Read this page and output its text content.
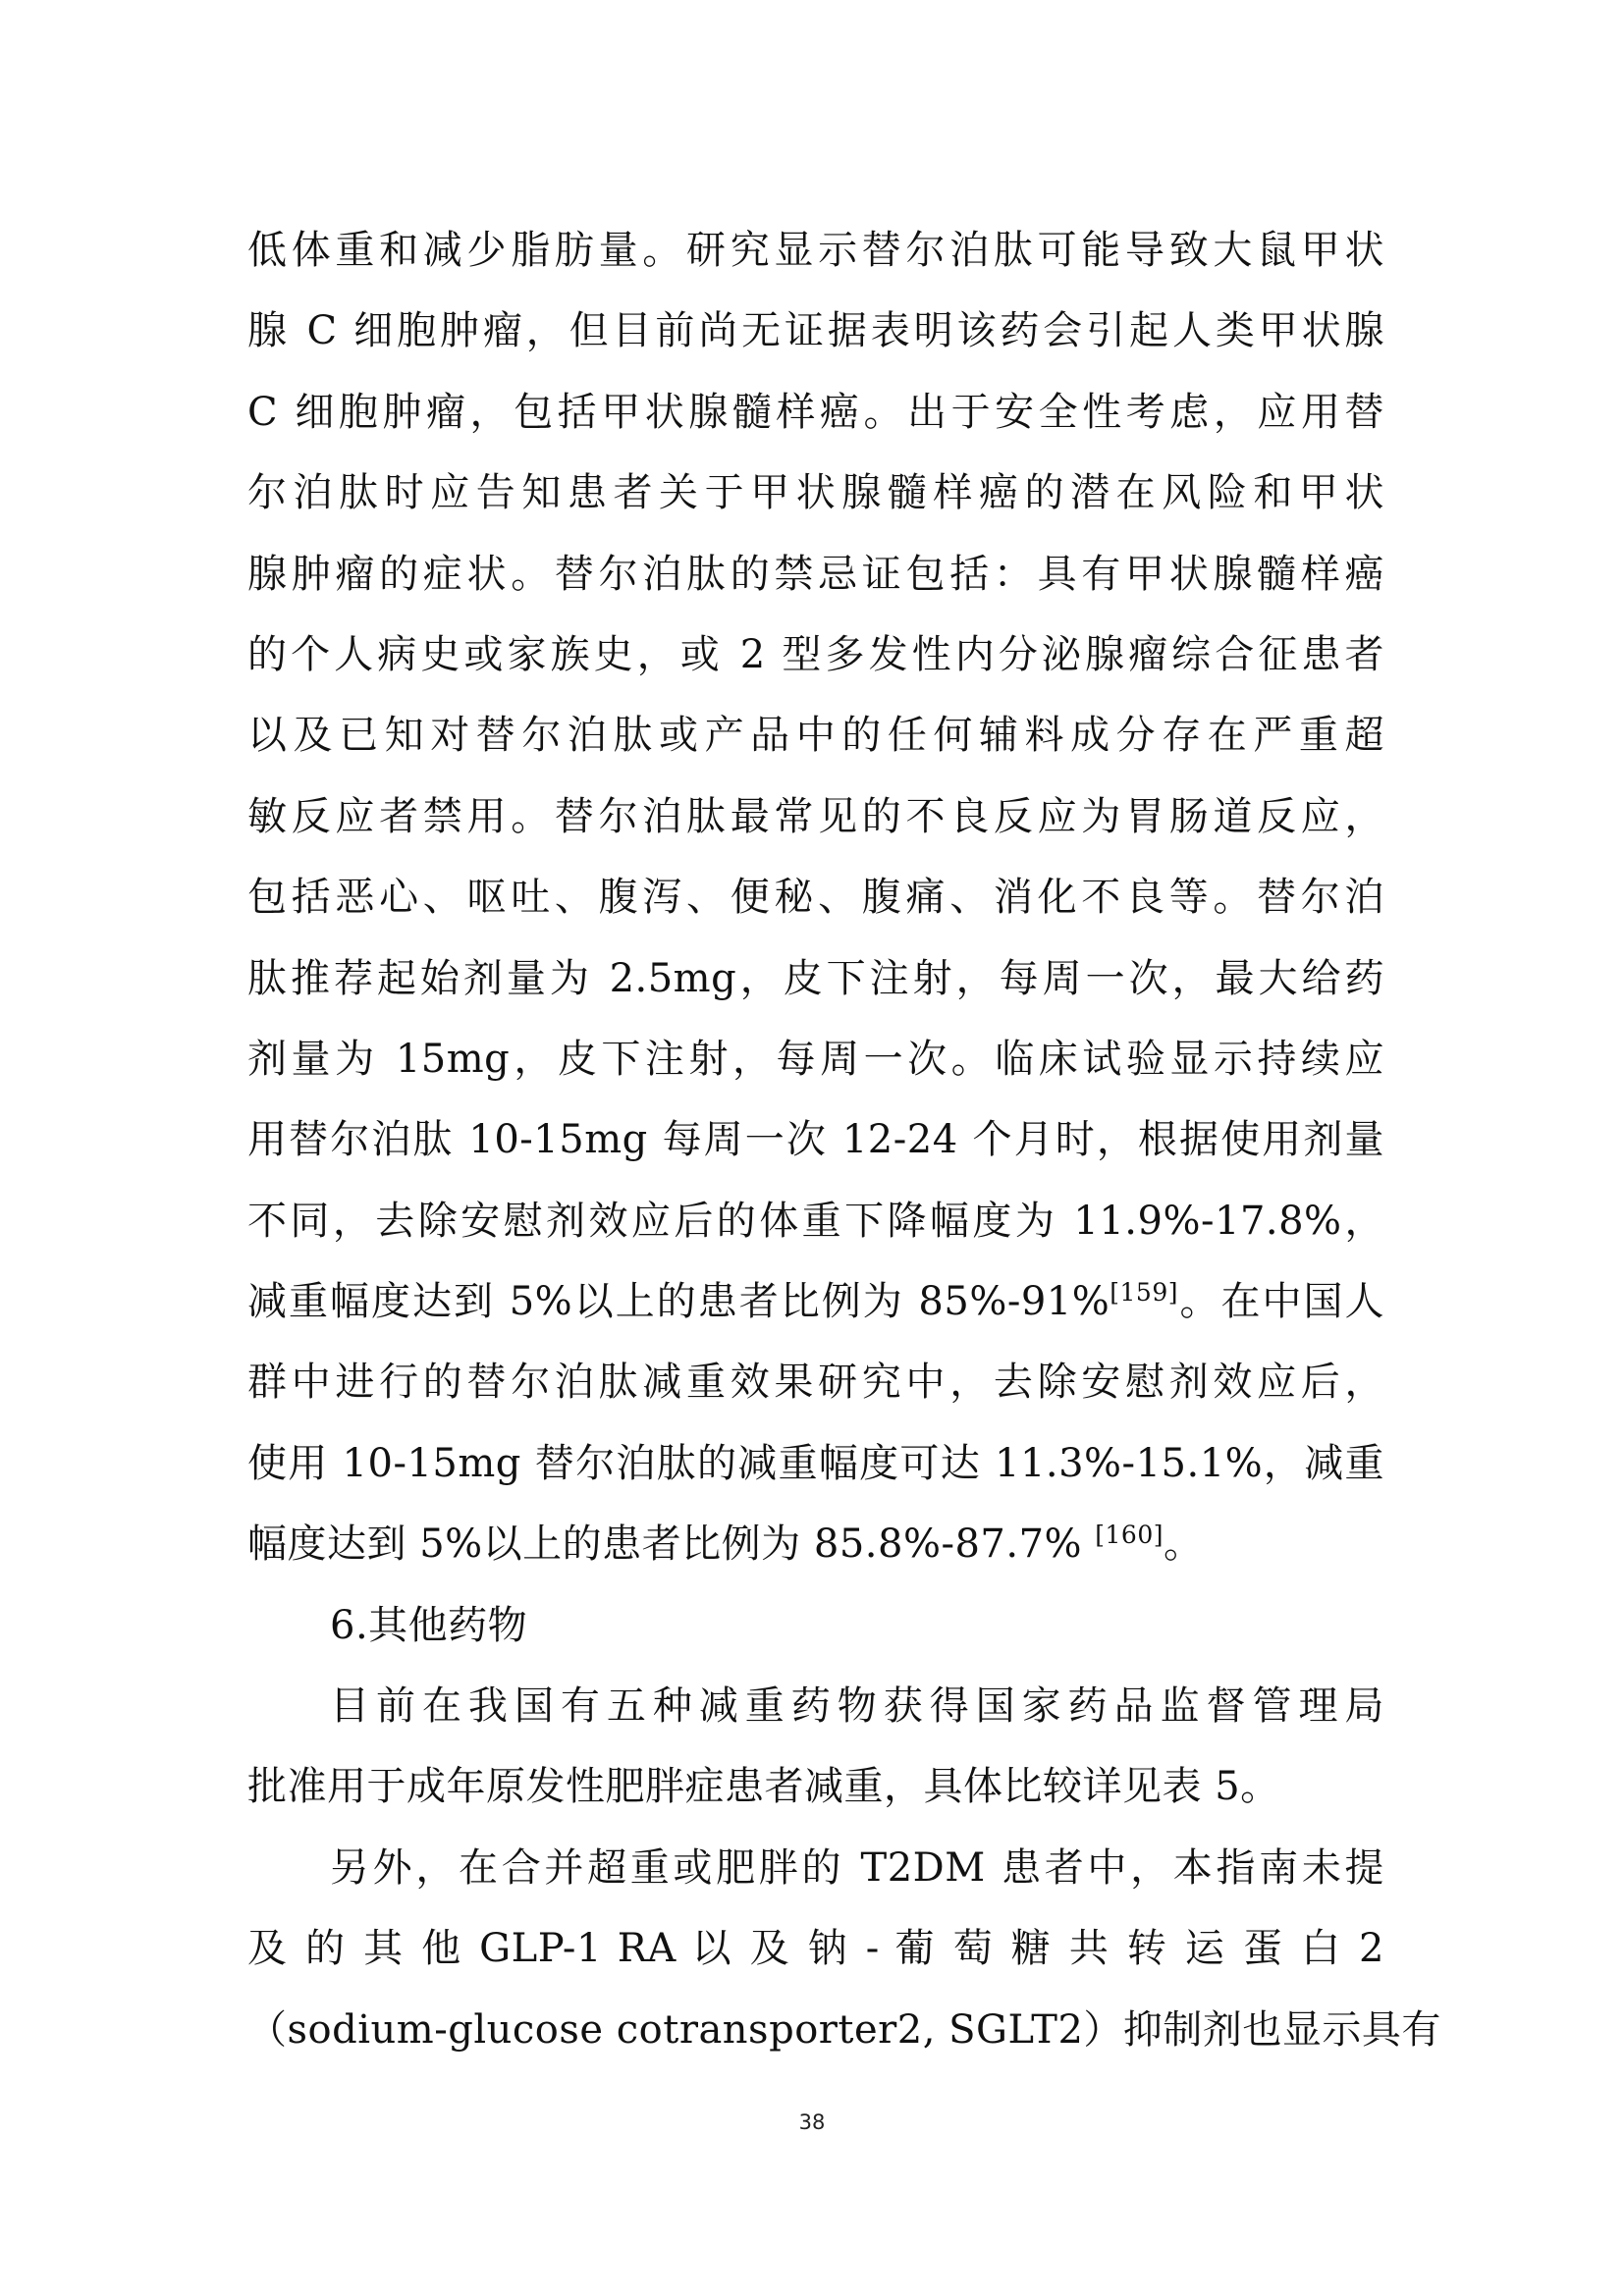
低体重和减少脂肪量。研究显示替尔泊肽可能导致大鼠甲状
腺 C 细胞肿瘤，但目前尚无证据表明该药会引起人类甲状腺
C 细胞肿瘤，包括甲状腺髓样癌。出于安全性考虑，应用替
尔泊肽时应告知患者关于甲状腺髓样癌的潜在风险和甲状
腺肿瘤的症状。替尔泊肽的禁忌证包括：具有甲状腺髓样癌
的个人病史或家族史，或 2 型多发性内分泌腺瘤综合征患者
以及已知对替尔泊肽或产品中的任何辅料成分存在严重超
敏反应者禁用。替尔泊肽最常见的不良反应为胃肠道反应，
包括恶心、呕吐、腹泻、便秘、腹痛、消化不良等。替尔泊
肽推荐起始剂量为 2.5mg，皮下注射，每周一次，最大给药
剂量为 15mg，皮下注射，每周一次。临床试验显示持续应
用替尔泊肽 10-15mg 每周一次 12-24 个月时，根据使用剂量
不同，去除安慰剂效应后的体重下降幅度为 11.9%-17.8%，
减重幅度达到 5%以上的患者比例为 85%-91%[159]。在中国人
群中进行的替尔泊肽减重效果研究中，去除安慰剂效应后，
使用 10-15mg 替尔泊肽的减重幅度可达 11.3%-15.1%，减重
幅度达到 5%以上的患者比例为 85.8%-87.7% [160]。
6.其他药物
目前在我国有五种减重药物获得国家药品监督管理局
批准用于成年原发性肥胖症患者减重，具体比较详见表 5。
另外，在合并超重或肥胖的 T2DM 患者中，本指南未提
及 的 其 他 GLP-1 RA 以 及 钠 - 葡 萄 糖 共 转 运 蛋 白 2
（sodium-glucose cotransporter2, SGLT2）抑制剂也显示具有
38
